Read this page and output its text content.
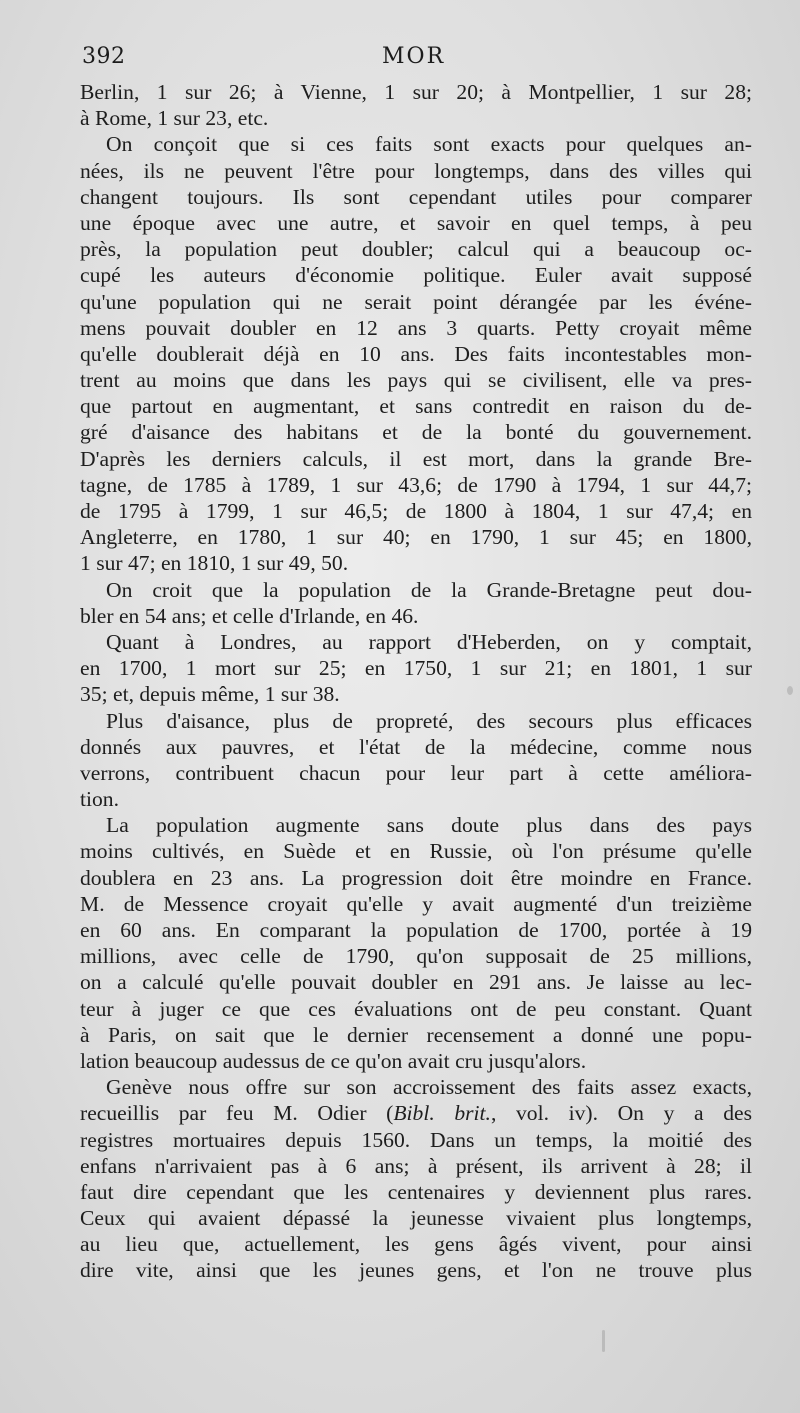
392	MOR
Berlin, 1 sur 26; à Vienne, 1 sur 20; à Montpellier, 1 sur 28;
à Rome, 1 sur 23, etc.
On conçoit que si ces faits sont exacts pour quelques an-
nées, ils ne peuvent l'être pour longtemps, dans des villes qui
changent toujours. Ils sont cependant utiles pour comparer
une époque avec une autre, et savoir en quel temps, à peu
près, la population peut doubler; calcul qui a beaucoup oc-
cupé les auteurs d'économie politique. Euler avait supposé
qu'une population qui ne serait point dérangée par les événe-
mens pouvait doubler en 12 ans 3 quarts. Petty croyait même
qu'elle doublerait déjà en 10 ans. Des faits incontestables mon-
trent au moins que dans les pays qui se civilisent, elle va pres-
que partout en augmentant, et sans contredit en raison du de-
gré d'aisance des habitans et de la bonté du gouvernement.
D'après les derniers calculs, il est mort, dans la grande Bre-
tagne, de 1785 à 1789, 1 sur 43,6; de 1790 à 1794, 1 sur 44,7;
de 1795 à 1799, 1 sur 46,5; de 1800 à 1804, 1 sur 47,4; en
Angleterre, en 1780, 1 sur 40; en 1790, 1 sur 45; en 1800,
1 sur 47; en 1810, 1 sur 49, 50.
On croit que la population de la Grande-Bretagne peut dou-
bler en 54 ans; et celle d'Irlande, en 46.
Quant à Londres, au rapport d'Heberden, on y comptait,
en 1700, 1 mort sur 25; en 1750, 1 sur 21; en 1801, 1 sur
35; et, depuis même, 1 sur 38.
Plus d'aisance, plus de propreté, des secours plus efficaces
donnés aux pauvres, et l'état de la médecine, comme nous
verrons, contribuent chacun pour leur part à cette améliora-
tion.
La population augmente sans doute plus dans des pays
moins cultivés, en Suède et en Russie, où l'on présume qu'elle
doublera en 23 ans. La progression doit être moindre en France.
M. de Messence croyait qu'elle y avait augmenté d'un treizième
en 60 ans. En comparant la population de 1700, portée à 19
millions, avec celle de 1790, qu'on supposait de 25 millions,
on a calculé qu'elle pouvait doubler en 291 ans. Je laisse au lec-
teur à juger ce que ces évaluations ont de peu constant. Quant
à Paris, on sait que le dernier recensement a donné une popu-
lation beaucoup audessus de ce qu'on avait cru jusqu'alors.
Genève nous offre sur son accroissement des faits assez exacts,
recueillis par feu M. Odier (Bibl. brit., vol. iv). On y a des
registres mortuaires depuis 1560. Dans un temps, la moitié des
enfans n'arrivaient pas à 6 ans; à présent, ils arrivent à 28; il
faut dire cependant que les centenaires y deviennent plus rares.
Ceux qui avaient dépassé la jeunesse vivaient plus longtemps,
au lieu que, actuellement, les gens âgés vivent, pour ainsi
dire vite, ainsi que les jeunes gens, et l'on ne trouve plus
